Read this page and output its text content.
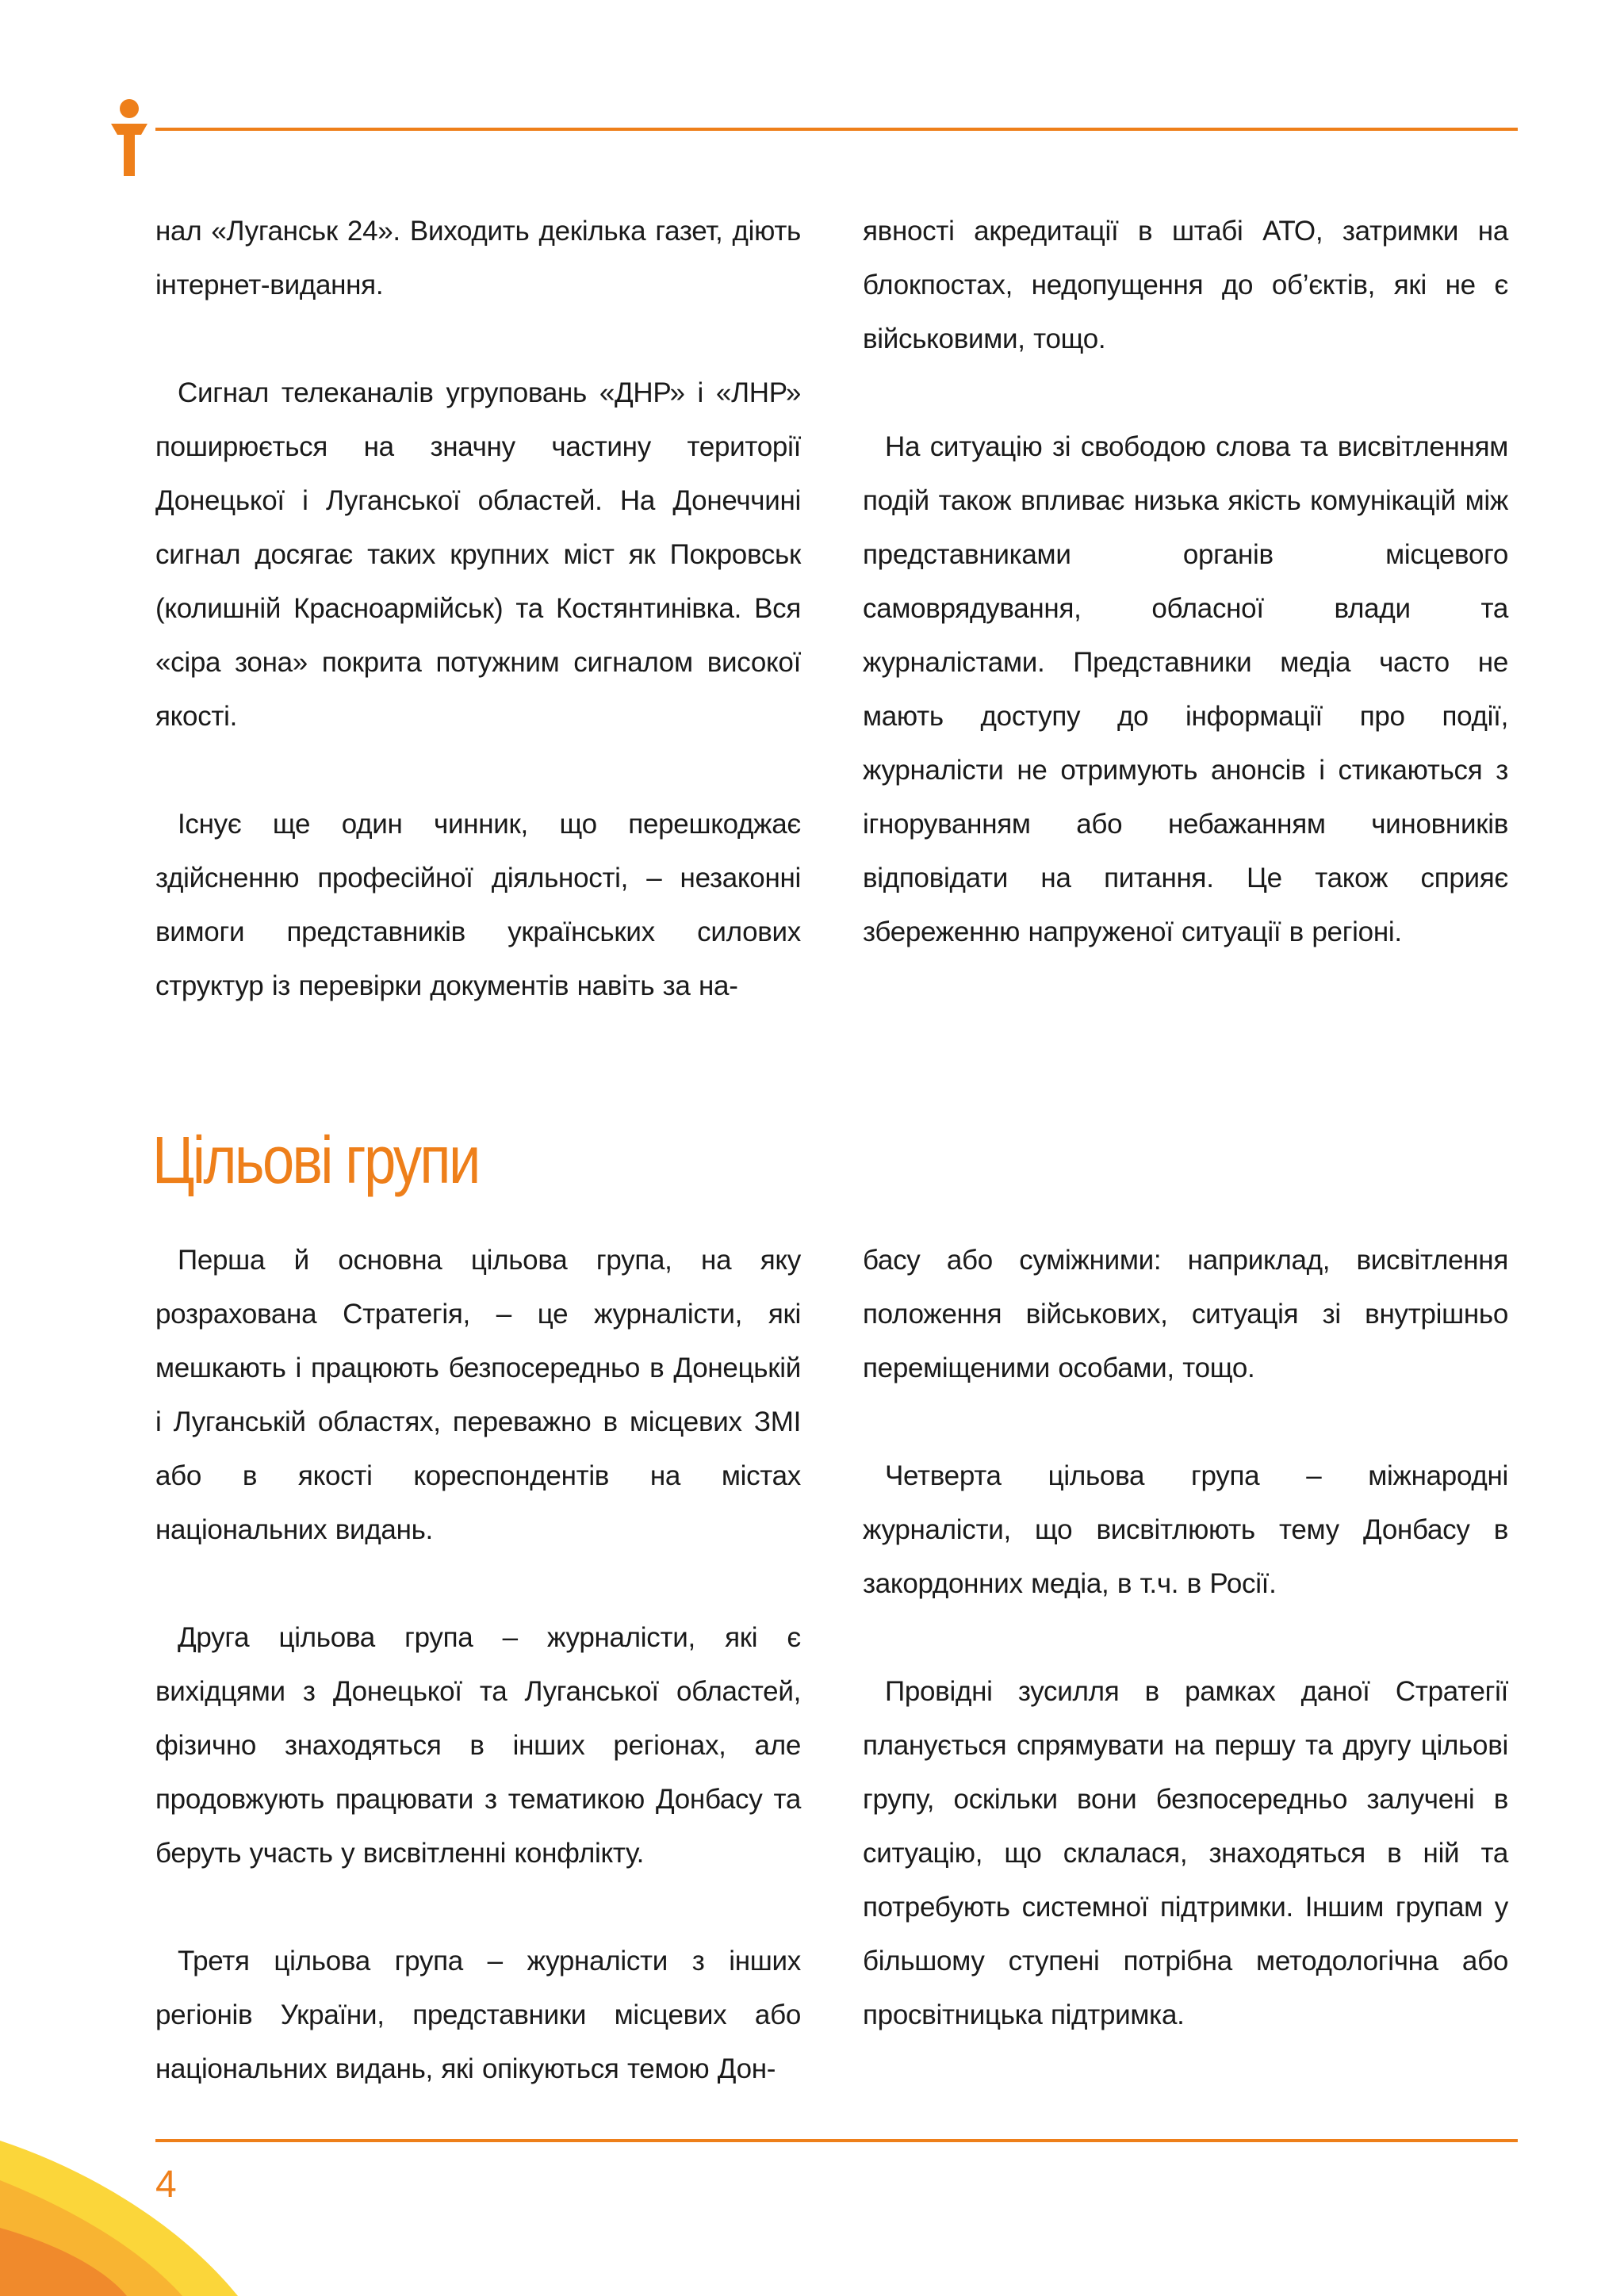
нал «Луганськ 24». Виходить декілька газет, діють інтернет-видання.

Сигнал телеканалів угруповань «ДНР» і «ЛНР» поширюється на значну частину території Донецької і Луганської областей. На Донеччині сигнал досягає таких крупних міст як Покровськ (колишній Красноармійськ) та Костянтинівка. Вся «сіра зона» покрита потужним сигналом високої якості.

Існує ще один чинник, що перешкоджає здійсненню професійної діяльності, – незаконні вимоги представників українських силових структур із перевірки документів навіть за на-

явності акредитації в штабі АТО, затримки на блокпостах, недопущення до об’єктів, які не є військовими, тощо.

На ситуацію зі свободою слова та висвітленням подій також впливає низька якість комунікацій між представниками органів місцевого самоврядування, обласної влади та журналістами. Представники медіа часто не мають доступу до інформації про події, журналісти не отримують анонсів і стикаються з ігноруванням або небажанням чиновників відповідати на питання. Це також сприяє збереженню напруженої ситуації в регіоні.

Цільові групи

Перша й основна цільова група, на яку розрахована Стратегія, – це журналісти, які мешкають і працюють безпосередньо в Донецькій і Луганській областях, переважно в місцевих ЗМІ або в якості кореспондентів на містах національних видань.

Друга цільова група – журналісти, які є вихідцями з Донецької та Луганської областей, фізично знаходяться в інших регіонах, але продовжують працювати з тематикою Донбасу та беруть участь у висвітленні конфлікту.

Третя цільова група – журналісти з інших регіонів України, представники місцевих або національних видань, які опікуються темою Дон-

басу або суміжними: наприклад, висвітлення положення військових, ситуація зі внутрішньо переміщеними особами, тощо.

Четверта цільова група – міжнародні журналісти, що висвітлюють тему Донбасу в закордонних медіа, в т.ч. в Росії.

Провідні зусилля в рамках даної Стратегії планується спрямувати на першу та другу цільові групу, оскільки вони безпосередньо залучені в ситуацію, що склалася, знаходяться в ній та потребують системної підтримки. Іншим групам у більшому ступені потрібна методологічна або просвітницька підтримка.

4
